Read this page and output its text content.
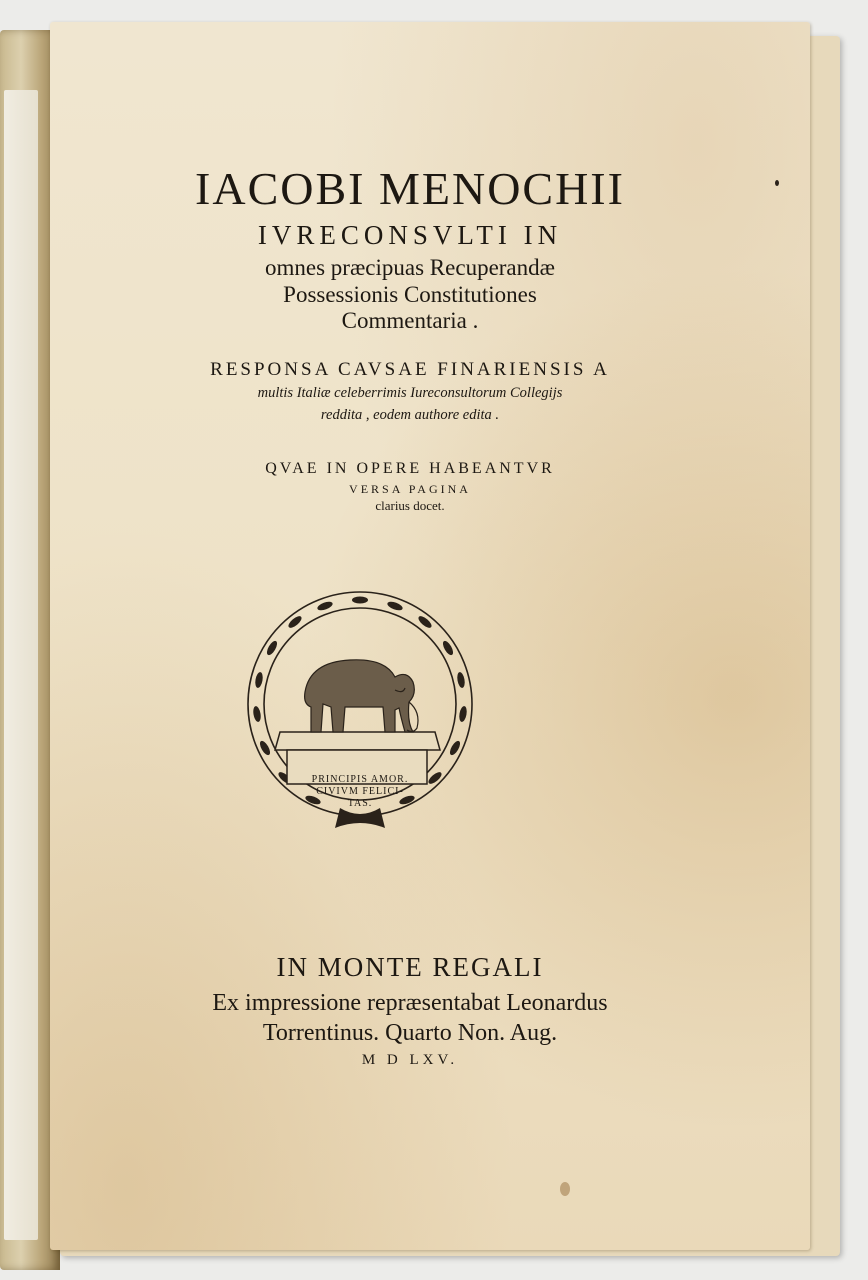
IACOBI MENOCHII
IVRECONSVLTI IN
omnes præcipuas Recuperandæ
Possessionis Constitutiones
Commentaria .
RESPONSA CAVSAE FINARIENSIS A
multis Italiæ celeberrimis Iureconsultorum Collegijs
reddita , eodem authore edita .
QVAE IN OPERE HABEANTVR
VERSA PAGINA
clarius docet.
PRINCIPIS AMOR.
CIVIVM FELICI-
TAS.
IN MONTE REGALI
Ex impressione repræsentabat Leonardus
Torrentinus. Quarto Non. Aug.
M D LXV.
